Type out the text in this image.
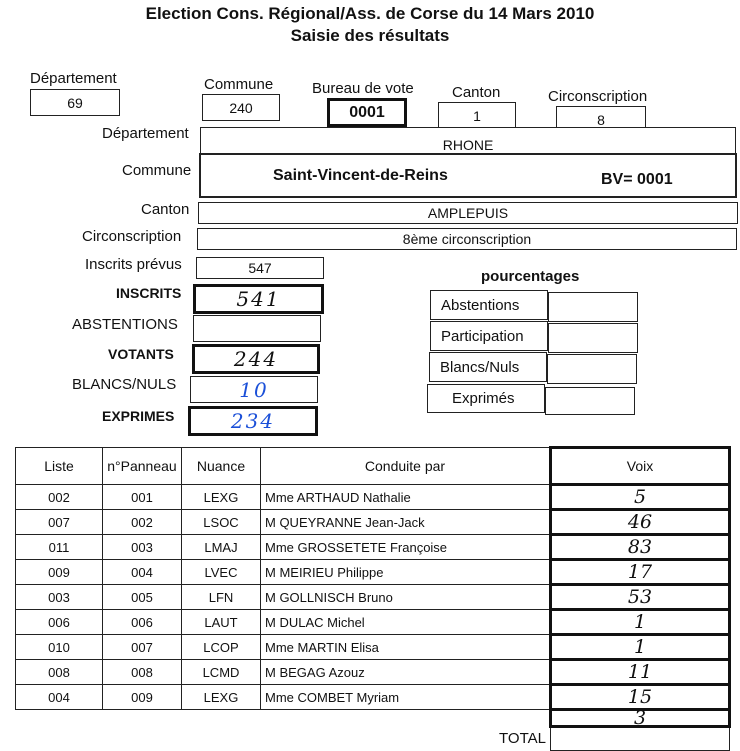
Election Cons. Régional/Ass. de Corse du 14 Mars 2010
Saisie des résultats
Département
69
Commune
240
Bureau de vote
0001
Canton
1
Circonscription
8
Département
RHONE
Commune	Saint-Vincent-de-Reins	BV= 0001
Canton	AMPLEPUIS
Circonscription	8ème circonscription
Inscrits prévus	547
INSCRITS	541
ABSTENTIONS
VOTANTS	244
BLANCS/NULS	10
EXPRIMES	234
pourcentages
Abstentions
Participation
Blancs/Nuls
Exprimés
Liste	n°Panneau	Nuance	Conduite par	Voix
002	001	LEXG	Mme ARTHAUD Nathalie	5
007	002	LSOC	M QUEYRANNE Jean-Jack	46
011	003	LMAJ	Mme GROSSETETE Françoise	83
009	004	LVEC	M MEIRIEU Philippe	17
003	005	LFN	M GOLLNISCH Bruno	53
006	006	LAUT	M DULAC Michel	1
010	007	LCOP	Mme MARTIN Elisa	1
008	008	LCMD	M BEGAG Azouz	11
004	009	LEXG	Mme COMBET Myriam	15
				3
TOTAL				
